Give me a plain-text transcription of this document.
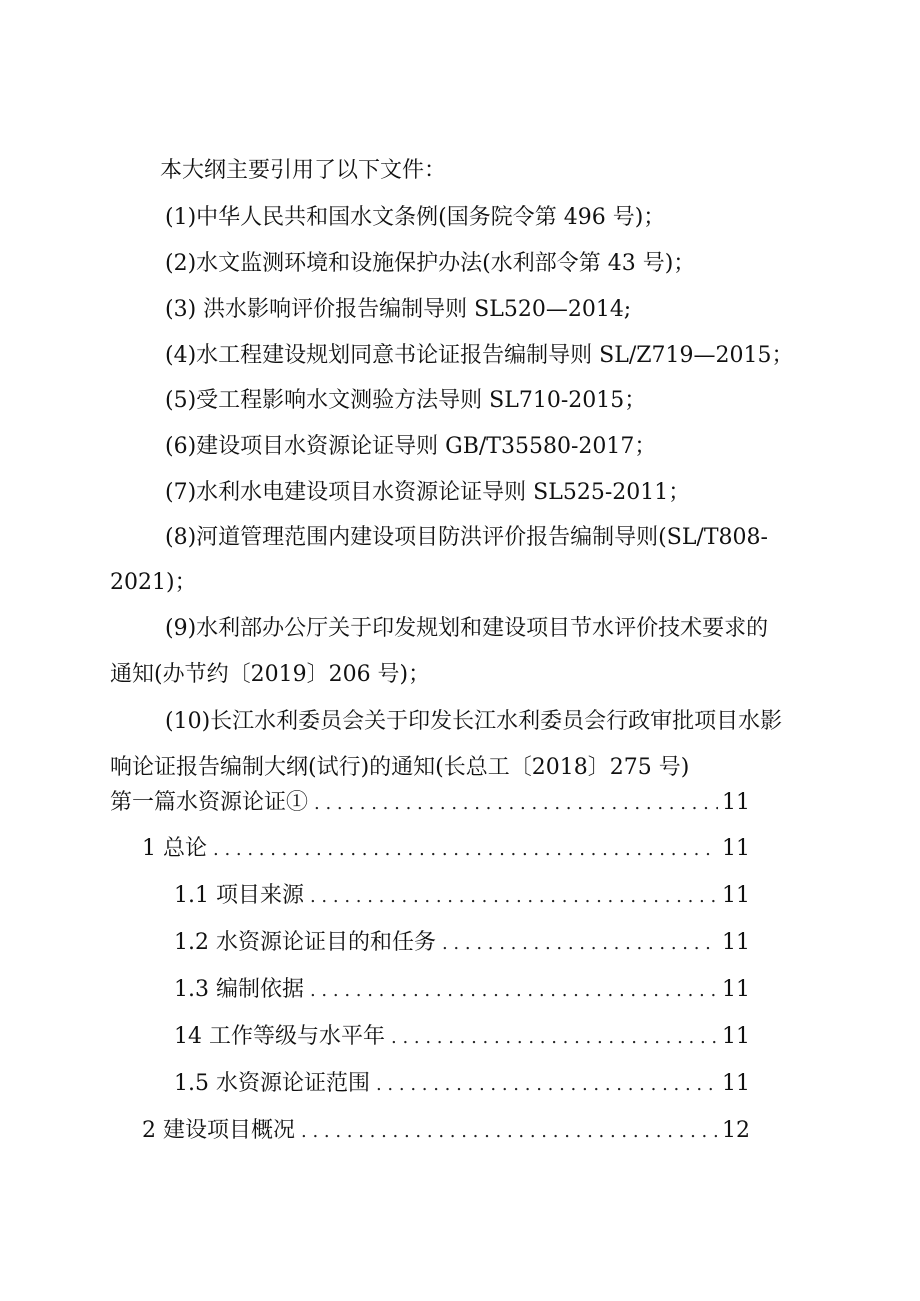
本大纲主要引用了以下文件：
(1)中华人民共和国水文条例(国务院令第 496 号)；
(2)水文监测环境和设施保护办法(水利部令第 43 号)；
(3) 洪水影响评价报告编制导则 SL520—2014;
(4)水工程建设规划同意书论证报告编制导则 SL/Z719—2015；
(5)受工程影响水文测验方法导则 SL710-2015；
(6)建设项目水资源论证导则 GB/T35580-2017；
(7)水利水电建设项目水资源论证导则 SL525-2011；
(8)河道管理范围内建设项目防洪评价报告编制导则(SL/T808-
2021)；
(9)水利部办公厅关于印发规划和建设项目节水评价技术要求的
通知(办节约〔2019〕206 号)；
(10)长江水利委员会关于印发长江水利委员会行政审批项目水影
响论证报告编制大纲(试行)的通知(长总工〔2018〕275 号)
第一篇水资源论证① . . .	11
1 总论 . . .	11
1.1 项目来源 . . .	11
1.2 水资源论证目的和任务 . . .	11
1.3 编制依据 . . .	11
14 工作等级与水平年 . . .	11
1.5 水资源论证范围 . . .	11
2 建设项目概况 . . .	12
